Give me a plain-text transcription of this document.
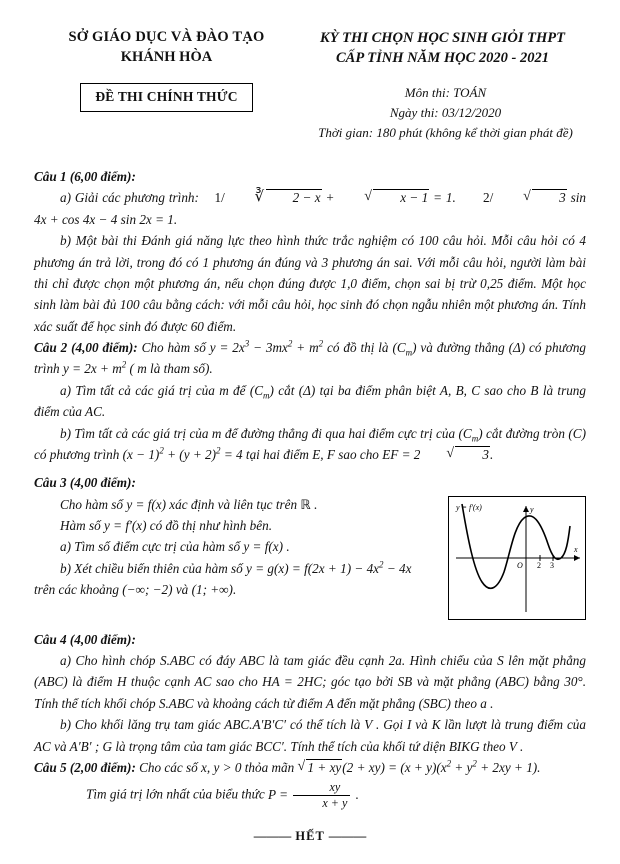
SỞ GIÁO DỤC VÀ ĐÀO TẠO
KHÁNH HÒA
KỲ THI CHỌN HỌC SINH GIỎI THPT
CẤP TỈNH NĂM HỌC 2020 - 2021
ĐỀ THI CHÍNH THỨC	Môn thi: TOÁN
Ngày thi: 03/12/2020
Thời gian: 180 phút (không kể thời gian phát đề)
Câu 1 (6,00 điểm):
a) Giải các phương trình: 1/	∛ 2 − x +	√ x − 1 = 1.       2/	√ 3 sin 4x + cos 4x − 4 sin 2x = 1.
b) Một bài thi Đánh giá năng lực theo hình thức trắc nghiệm có 100 câu hỏi. Mỗi câu hỏi có 4 phương án trả lời, trong đó có 1 phương án đúng và 3 phương án sai. Với mỗi câu hỏi, người làm bài thi chỉ được chọn một phương án, nếu chọn đúng được 1,0 điểm, chọn sai bị trừ 0,25 điểm. Một học sinh làm bài đủ 100 câu bằng cách: với mỗi câu hỏi, học sinh đó chọn ngẫu nhiên một phương án. Tính xác suất để học sinh đó được 60 điểm.
Câu 2 (4,00 điểm): Cho hàm số $y = 2x^3 - 3mx^2 + m^2$ có đồ thị là $(C_m)$ và đường thẳng (Δ) có phương trình $y = 2x + m^2$ ( m là tham số).
a) Tìm tất cả các giá trị của m để $(C_m)$ cắt (Δ) tại ba điểm phân biệt A, B, C sao cho B là trung điểm của AC.
b) Tìm tất cả các giá trị của m để đường thẳng đi qua hai điểm cực trị của $(C_m)$ cắt đường tròn (C) có phương trình $(x - 1)^2 + (y + 2)^2 = 4$ tại hai điểm E, F sao cho EF = 2	√ 3.
Câu 3 (4,00 điểm):
y = f′(x)	y
x
O 2 3
Cho hàm số y = f(x) xác định và liên tục trên ℝ .
Hàm số y = f′(x) có đồ thị như hình bên.
a) Tìm số điểm cực trị của hàm số y = f(x) .
b) Xét chiều biến thiên của hàm số $y = g(x) = f(2x + 1) - 4x^2 - 4x$
trên các khoảng (−∞; −2) và (1; +∞).
Câu 4 (4,00 điểm):
a) Cho hình chóp S.ABC có đáy ABC là tam giác đều cạnh 2a. Hình chiếu của S lên mặt phẳng (ABC) là điểm H thuộc cạnh AC sao cho HA = 2HC; góc tạo bởi SB và mặt phẳng (ABC) bằng 30°. Tính thể tích khối chóp S.ABC và khoảng cách từ điểm A đến mặt phẳng (SBC) theo a .
b) Cho khối lăng trụ tam giác ABC.A′B′C′ có thể tích là V . Gọi I và K lần lượt là trung điểm của AC và A′B′ ; G là trọng tâm của tam giác BCC′. Tính thể tích của khối tứ diện BIKG theo V .
Câu 5 (2,00 điểm): Cho các số x, y > 0 thỏa mãn √ $1 + xy(2 + xy) = (x + y)(x^2 + y^2 + 2xy + 1)$.
Tìm giá trị lớn nhất của biểu thức $P = \frac{xy}{x + y}$ .
——— HẾT ———
